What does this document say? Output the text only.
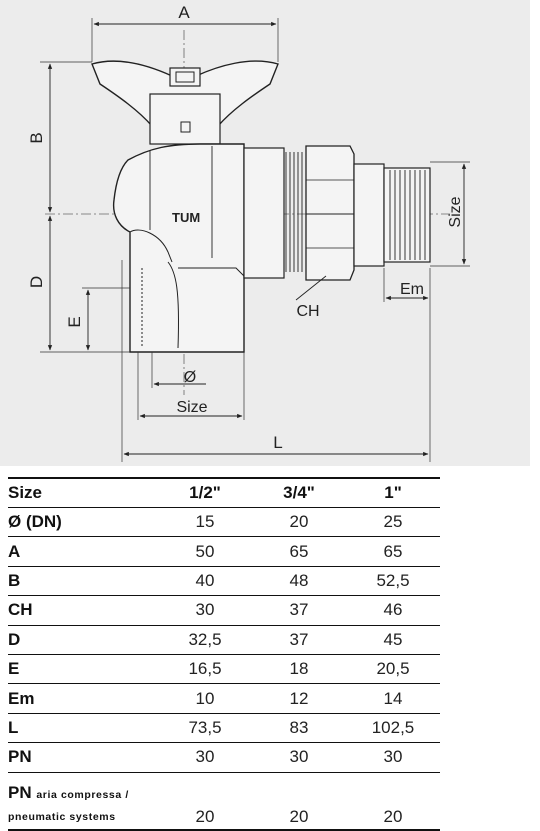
TUM
A
B
D
E
Size
Em
CH
Ø
Size
L
Size	1/2"	3/4"	1"
Ø (DN)	15	20	25
A	50	65	65
B	40	48	52,5
CH	30	37	46
D	32,5	37	45
E	16,5	18	20,5
Em	10	12	14
L	73,5	83	102,5
PN	30	30	30
PN aria compressa /
pneumatic systems	20	20	20
